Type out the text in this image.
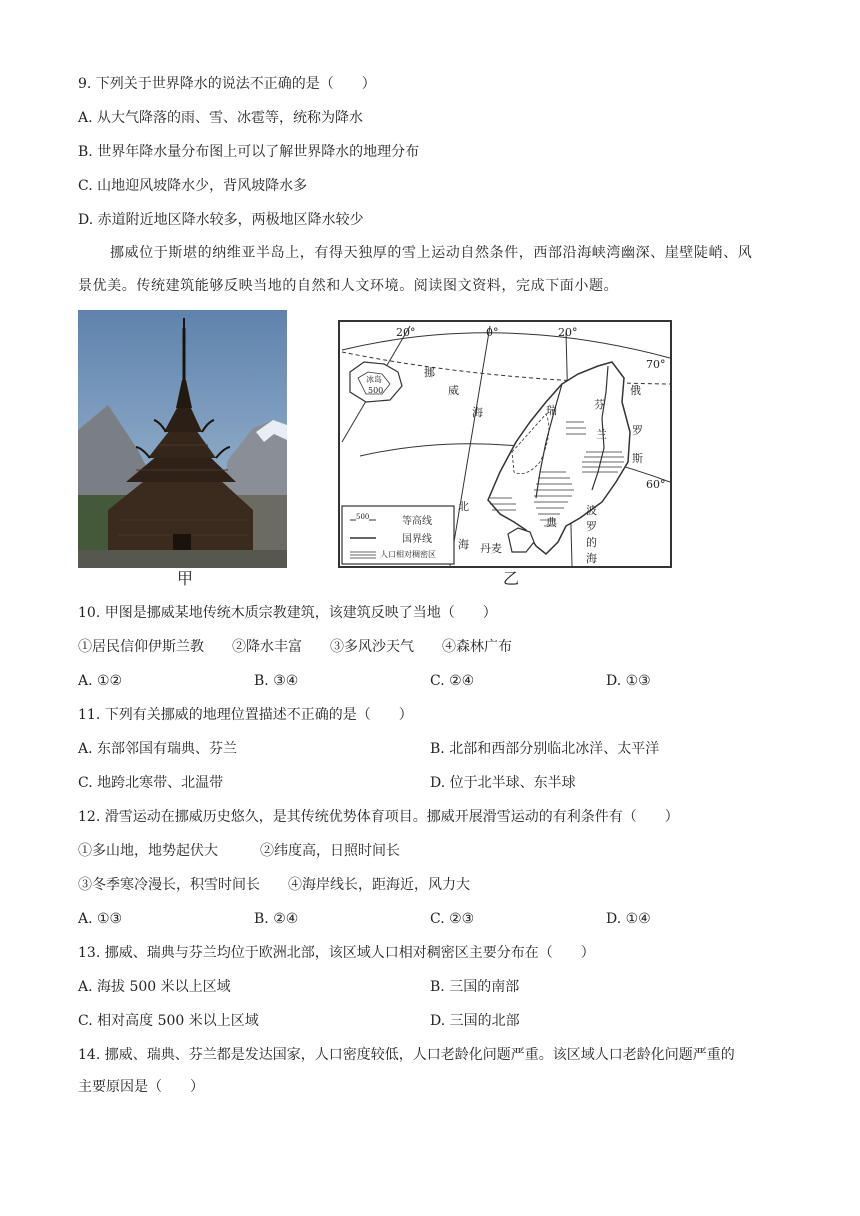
9. 下列关于世界降水的说法不正确的是（　　）
A. 从大气降落的雨、雪、冰雹等，统称为降水
B. 世界年降水量分布图上可以了解世界降水的地理分布
C. 山地迎风坡降水少，背风坡降水多
D. 赤道附近地区降水较多，两极地区降水较少
挪威位于斯堪的纳维亚半岛上，有得天独厚的雪上运动自然条件，西部沿海峡湾幽深、崖壁陡峭、风
景优美。传统建筑能够反映当地的自然和人文环境。阅读图文资料，完成下面小题。
甲
20°	0°	20°
70°
60°
挪
威
海
北
海
芬
兰
俄
罗
斯
瑞
典
波
罗
的
海
丹麦
冰岛
500
500	等高线
国界线
人口相对稠密区
乙
10. 甲图是挪威某地传统木质宗教建筑，该建筑反映了当地（　　）
①居民信仰伊斯兰教　　②降水丰富　　③多风沙天气　　④森林广布
A. ①②	B. ③④	C. ②④	D. ①③
11. 下列有关挪威的地理位置描述不正确的是（　　）
A. 东部邻国有瑞典、芬兰	B. 北部和西部分别临北冰洋、太平洋
C. 地跨北寒带、北温带	D. 位于北半球、东半球
12. 滑雪运动在挪威历史悠久，是其传统优势体育项目。挪威开展滑雪运动的有利条件有（　　）
①多山地，地势起伏大　　　②纬度高，日照时间长
③冬季寒冷漫长，积雪时间长　　④海岸线长，距海近，风力大
A. ①③	B. ②④	C. ②③	D. ①④
13. 挪威、瑞典与芬兰均位于欧洲北部，该区域人口相对稠密区主要分布在（　　）
A. 海拔 500 米以上区域	B. 三国的南部
C. 相对高度 500 米以上区域	D. 三国的北部
14. 挪威、瑞典、芬兰都是发达国家，人口密度较低，人口老龄化问题严重。该区域人口老龄化问题严重的
主要原因是（　　）
